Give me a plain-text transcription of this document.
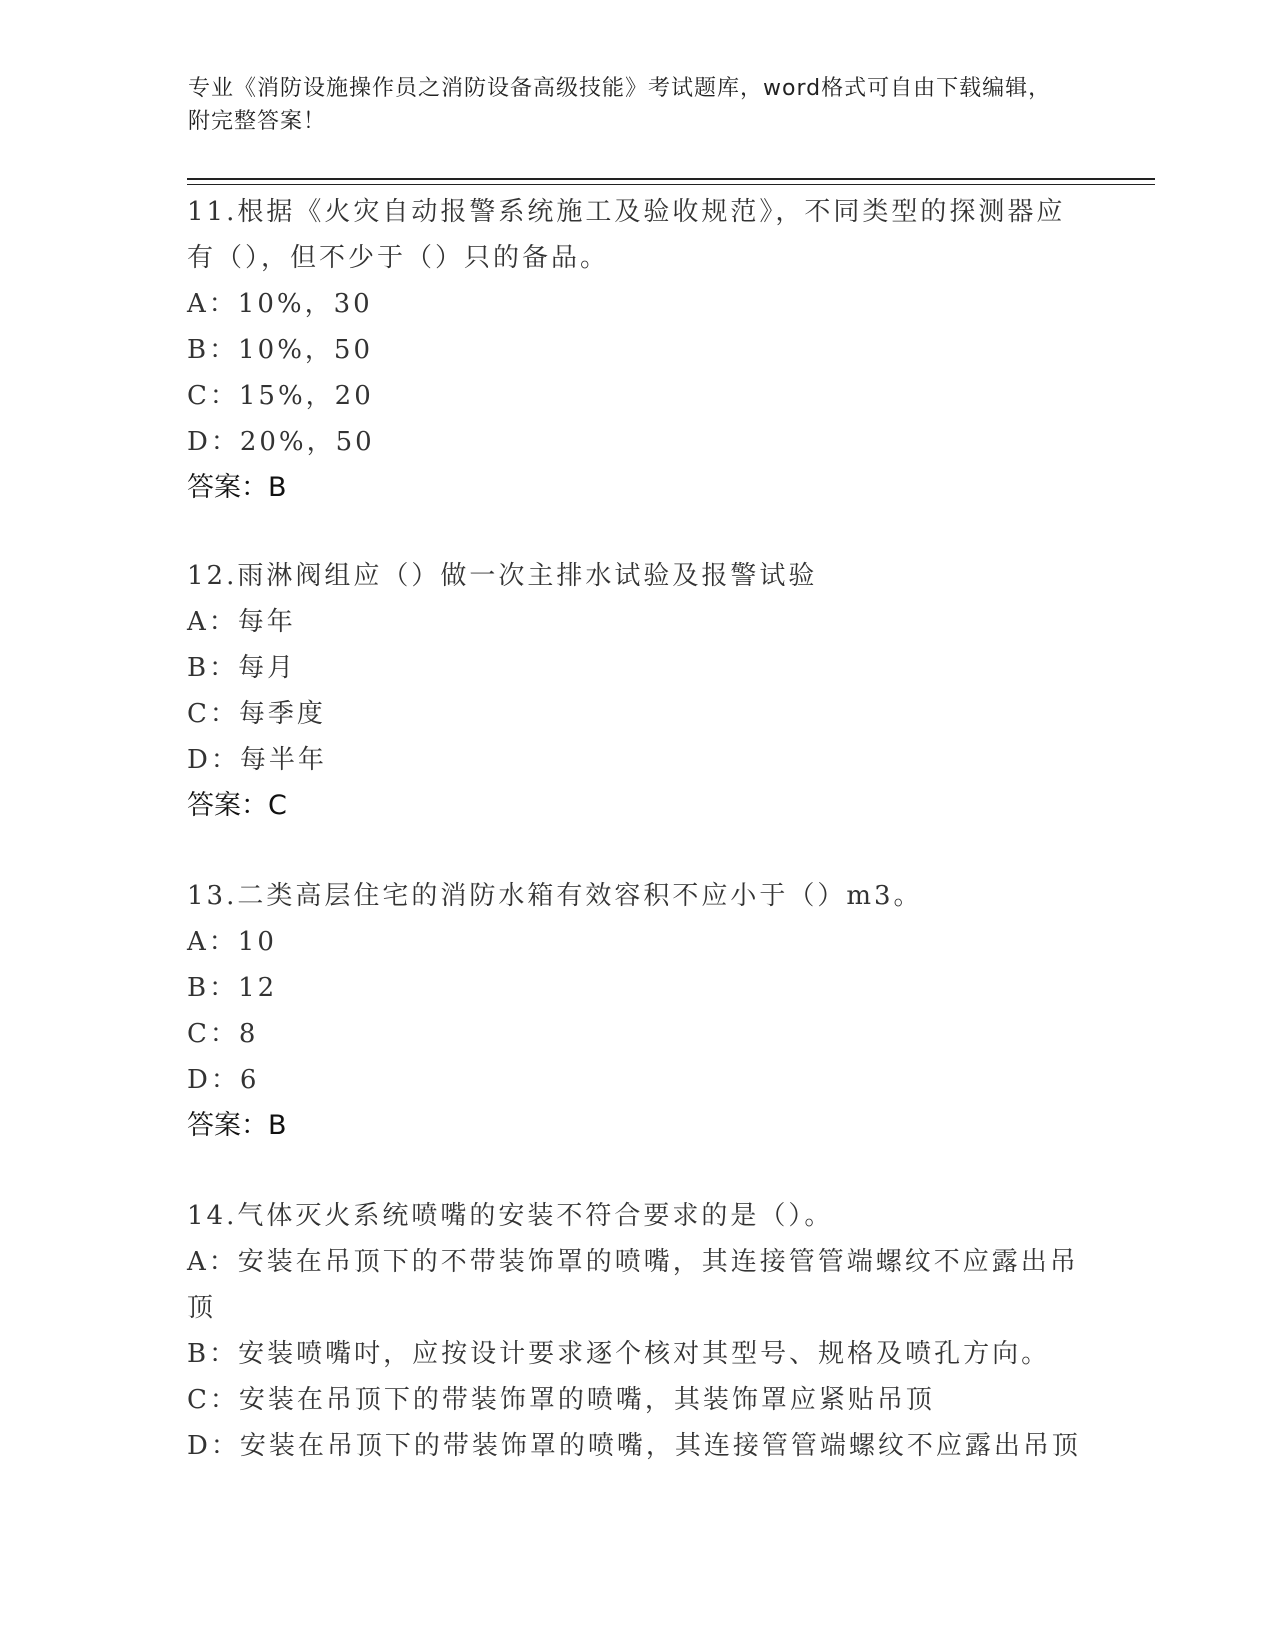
专业《消防设施操作员之消防设备高级技能》考试题库，word格式可自由下载编辑，附完整答案！

11.根据《火灾自动报警系统施工及验收规范》，不同类型的探测器应有（），但不少于（）只的备品。

A：10%，30

B：10%，50

C：15%，20

D：20%，50

答案：B

12.雨淋阀组应（）做一次主排水试验及报警试验

A：每年

B：每月

C：每季度

D：每半年

答案：C

13.二类高层住宅的消防水箱有效容积不应小于（）m3。

A：10

B：12

C：8

D：6

答案：B

14.气体灭火系统喷嘴的安装不符合要求的是（）。

A：安装在吊顶下的不带装饰罩的喷嘴，其连接管管端螺纹不应露出吊顶

B：安装喷嘴吋，应按设计要求逐个核对其型号、规格及喷孔方向。

C：安装在吊顶下的带装饰罩的喷嘴，其装饰罩应紧贴吊顶

D：安装在吊顶下的带装饰罩的喷嘴，其连接管管端螺纹不应露出吊顶
